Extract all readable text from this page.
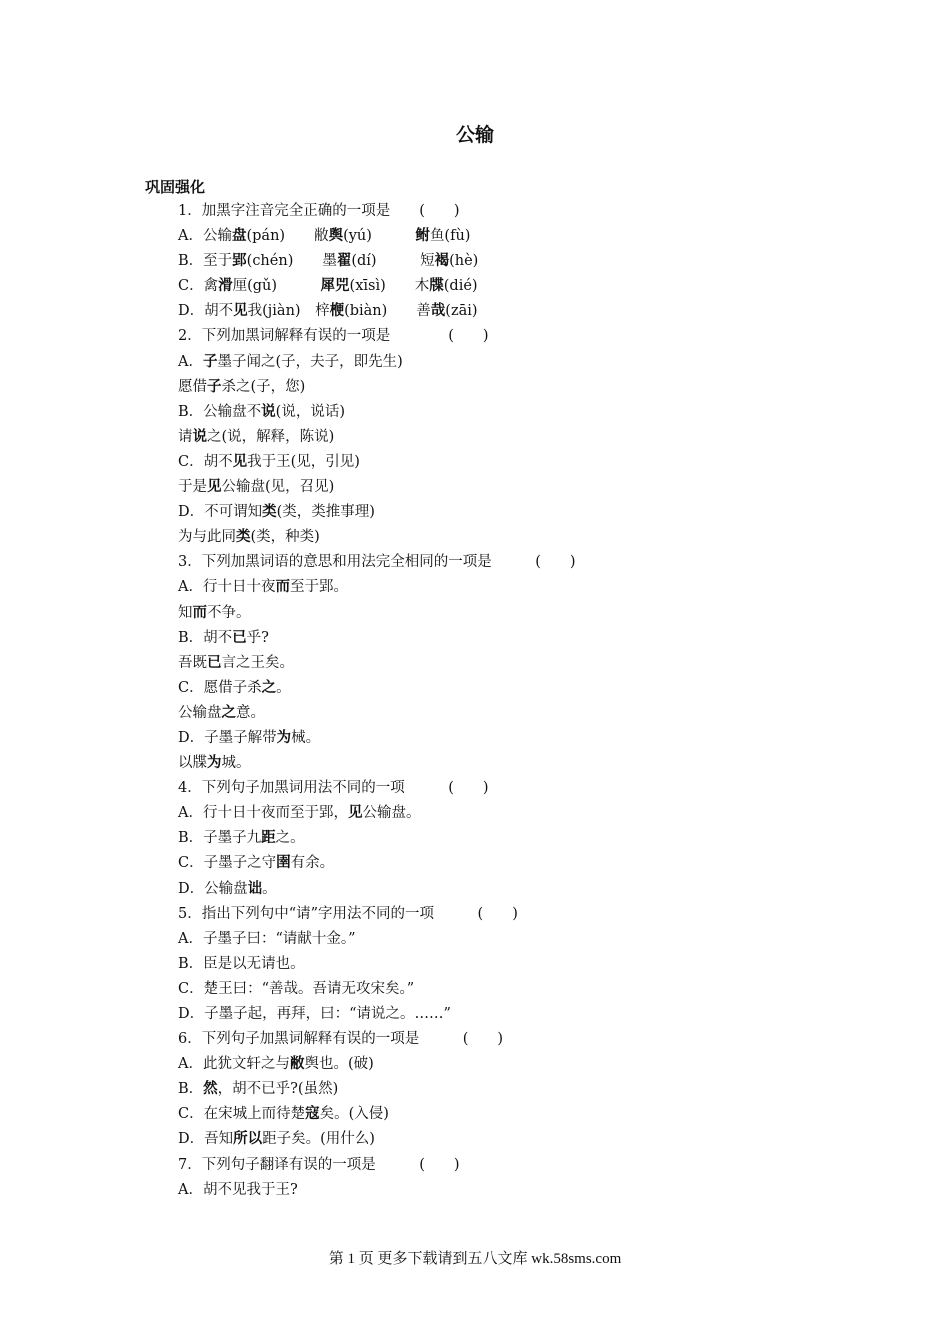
公输
巩固强化
1．加黑字注音完全正确的一项是　　(　　)
A．公输盘(pán)　　敝舆(yú)　　　鲋鱼(fù)
B．至于郢(chén)　　墨翟(dí)　　　短褐(hè)
C．禽滑厘(gǔ)　　　犀兕(xīsì)　　木牒(dié)
D．胡不见我(jiàn)　梓楩(biàn)　　善哉(zāi)
2．下列加黑词解释有误的一项是　　　　(　　)
A．子墨子闻之(子，夫子，即先生)
愿借子杀之(子，您)
B．公输盘不说(说，说话)
请说之(说，解释，陈说)
C．胡不见我于王(见，引见)
于是见公输盘(见，召见)
D．不可谓知类(类，类推事理)
为与此同类(类，种类)
3．下列加黑词语的意思和用法完全相同的一项是　　　(　　)
A．行十日十夜而至于郢。
知而不争。
B．胡不已乎?
吾既已言之王矣。
C．愿借子杀之。
公输盘之意。
D．子墨子解带为械。
以牒为城。
4．下列句子加黑词用法不同的一项　　　(　　)
A．行十日十夜而至于郢，见公输盘。
B．子墨子九距之。
C．子墨子之守圉有余。
D．公输盘诎。
5．指出下列句中“请”字用法不同的一项　　　(　　)
A．子墨子曰：“请献十金。”
B．臣是以无请也。
C．楚王曰：“善哉。吾请无攻宋矣。”
D．子墨子起，再拜，曰：“请说之。……”
6．下列句子加黑词解释有误的一项是　　　(　　)
A．此犹文轩之与敝舆也。(破)
B．然，胡不已乎?(虽然)
C．在宋城上而待楚寇矣。(入侵)
D．吾知所以距子矣。(用什么)
7．下列句子翻译有误的一项是　　　(　　)
A．胡不见我于王?
第 1 页 更多下载请到五八文库 wk.58sms.com
